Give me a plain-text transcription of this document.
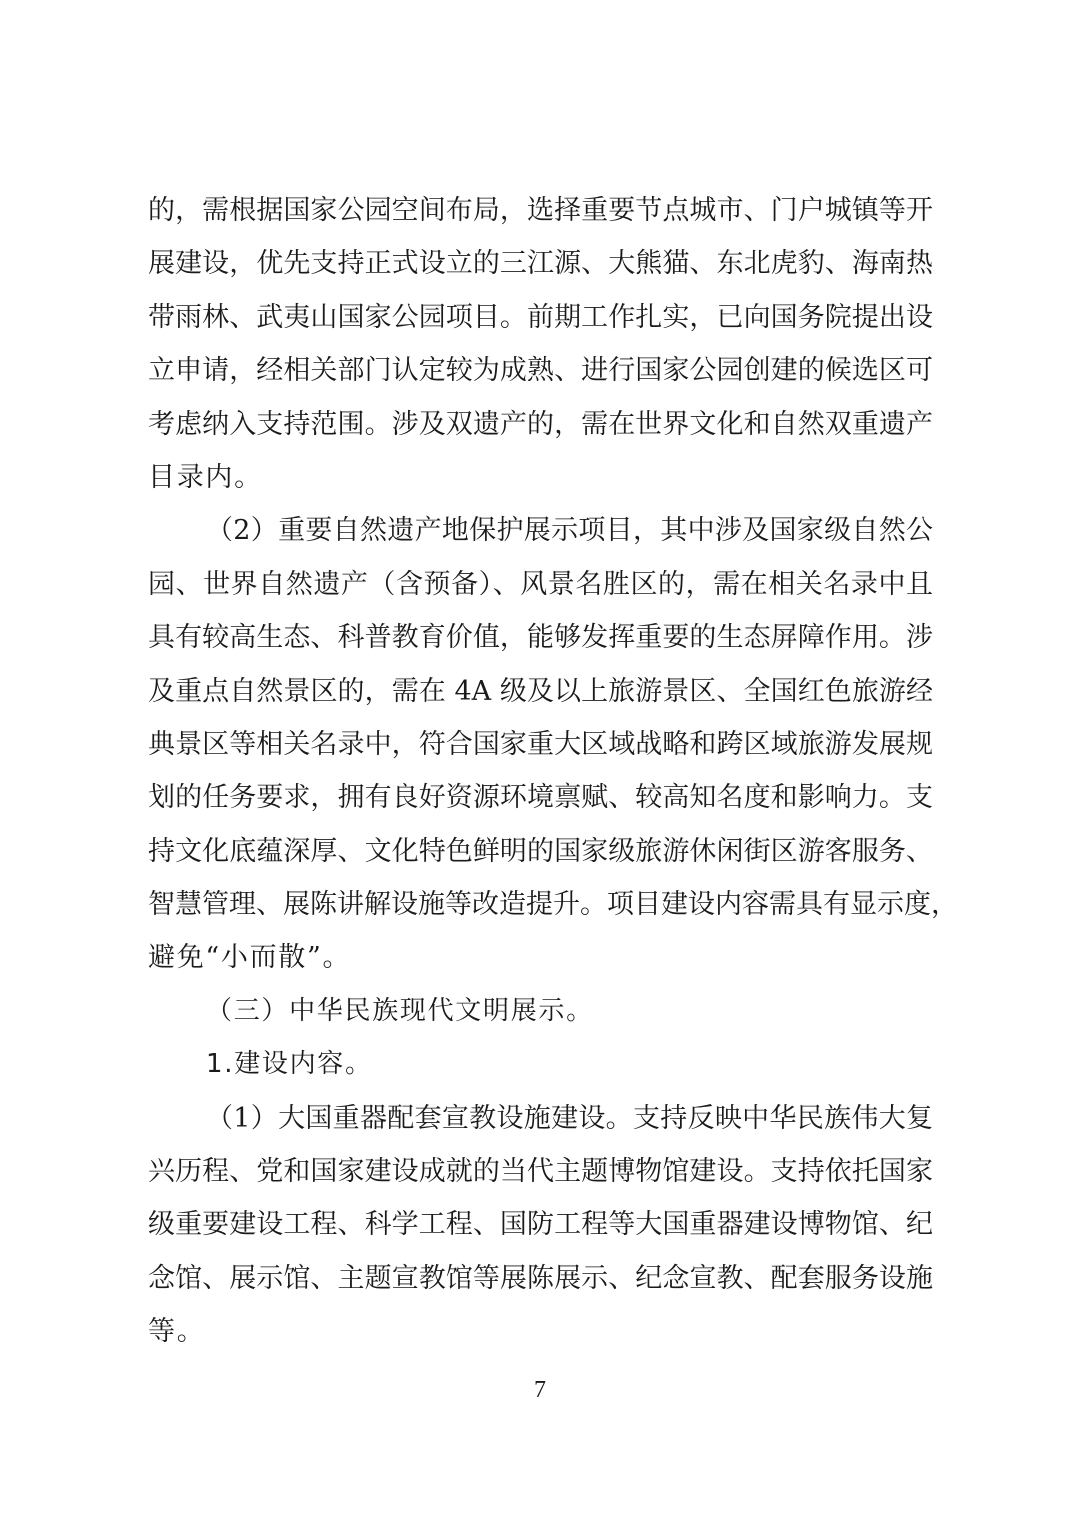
的，需根据国家公园空间布局，选择重要节点城市、门户城镇等开
展建设，优先支持正式设立的三江源、大熊猫、东北虎豹、海南热
带雨林、武夷山国家公园项目。前期工作扎实，已向国务院提出设
立申请，经相关部门认定较为成熟、进行国家公园创建的候选区可
考虑纳入支持范围。涉及双遗产的，需在世界文化和自然双重遗产
目录内。
（2）重要自然遗产地保护展示项目，其中涉及国家级自然公
园、世界自然遗产（含预备）、风景名胜区的，需在相关名录中且
具有较高生态、科普教育价值，能够发挥重要的生态屏障作用。涉
及重点自然景区的，需在 4A 级及以上旅游景区、全国红色旅游经
典景区等相关名录中，符合国家重大区域战略和跨区域旅游发展规
划的任务要求，拥有良好资源环境禀赋、较高知名度和影响力。支
持文化底蕴深厚、文化特色鲜明的国家级旅游休闲街区游客服务、
智慧管理、展陈讲解设施等改造提升。项目建设内容需具有显示度，
避免“小而散”。
（三）中华民族现代文明展示。
1.建设内容。
（1）大国重器配套宣教设施建设。支持反映中华民族伟大复
兴历程、党和国家建设成就的当代主题博物馆建设。支持依托国家
级重要建设工程、科学工程、国防工程等大国重器建设博物馆、纪
念馆、展示馆、主题宣教馆等展陈展示、纪念宣教、配套服务设施
等。
7
